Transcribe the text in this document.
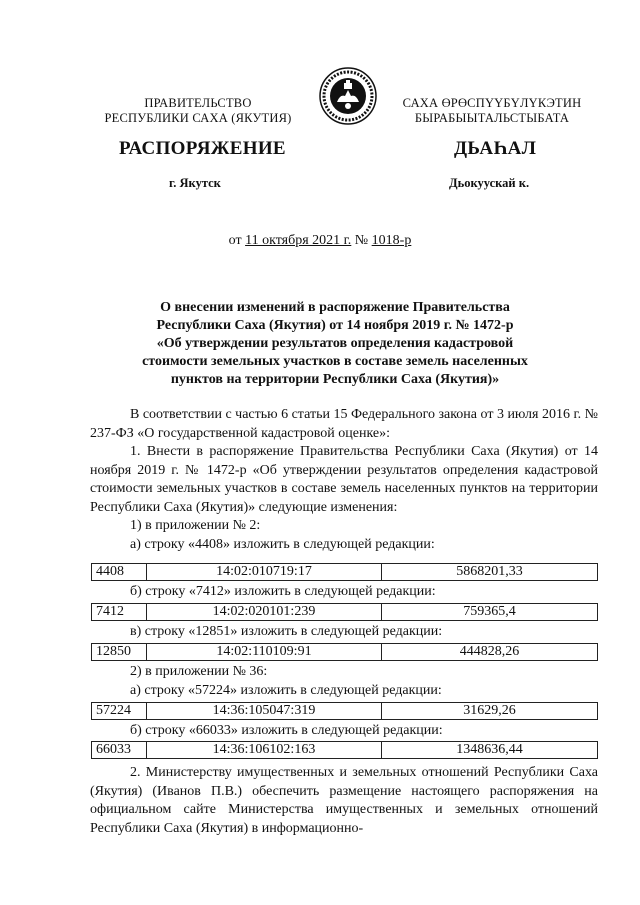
ПРАВИТЕЛЬСТВО
РЕСПУБЛИКИ САХА (ЯКУТИЯ)
САХА ӨРӨСПҮҮБҮЛҮКЭТИН
БЫРАБЫЫТАЛЬСТЫБАТА
РАСПОРЯЖЕНИЕ	ДЬАҺАЛ
г. Якутск	Дьокуускай к.
от 11 октября 2021 г. № 1018-р
О внесении изменений в распоряжение Правительства
Республики Саха (Якутия) от 14 ноября 2019 г. № 1472-р
«Об утверждении результатов определения кадастровой
стоимости земельных участков в составе земель населенных
пунктов на территории Республики Саха (Якутия)»

В соответствии с частью 6 статьи 15 Федерального закона от 3 июля 2016 г. № 237-ФЗ «О государственной кадастровой оценке»:

1. Внести в распоряжение Правительства Республики Саха (Якутия) от 14 ноября 2019 г. № 1472-р «Об утверждении результатов определения кадастровой стоимости земельных участков в составе земель населенных пунктов на территории Республики Саха (Якутия)» следующие изменения:

1) в приложении № 2:

а) строку «4408» изложить в следующей редакции:

4408	14:02:010719:17	5868201,33

б) строку «7412» изложить в следующей редакции:

7412	14:02:020101:239	759365,4

в) строку «12851» изложить в следующей редакции:

12850	14:02:110109:91	444828,26

2) в приложении № 36:

а) строку «57224» изложить в следующей редакции:

57224	14:36:105047:319	31629,26

б) строку «66033» изложить в следующей редакции:

66033	14:36:106102:163	1348636,44

2. Министерству имущественных и земельных отношений Республики Саха (Якутия) (Иванов П.В.) обеспечить размещение настоящего распоряжения на официальном сайте Министерства имущественных и земельных отношений Республики Саха (Якутия) в информационно-
